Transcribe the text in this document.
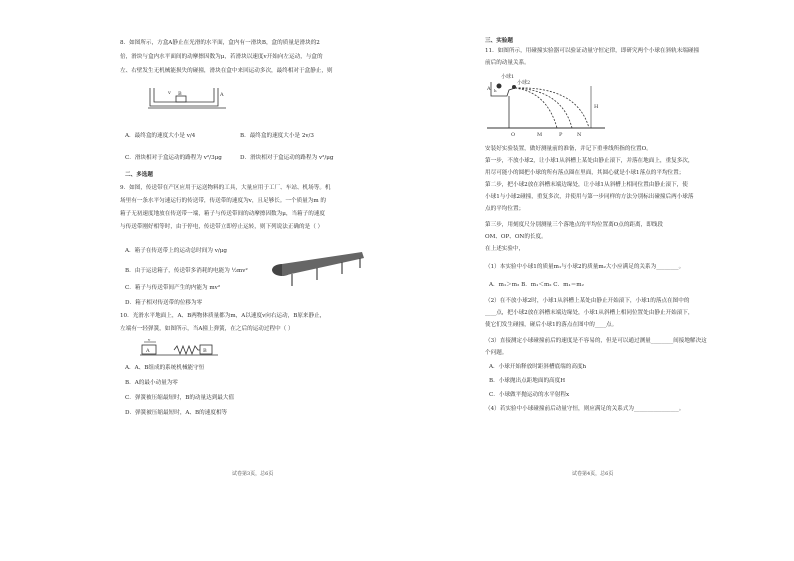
8．如图所示，方盒A静止在光滑的水平面，盒内有一滑块B，盒的质量是滑块的2
倍，滑块与盒内水平面间的动摩擦因数为μ，若滑块以速度v开始向左运动，与盒的
左、右壁发生无机械能损失的碰撞，滑块在盒中来回运动多次，最终相对于盒静止，则
B	A
v
A．最终盒的速度大小是 v/4	B．最终盒的速度大小是 2v/3
C．滑块相对于盒运动的路程为 v²/3μg	D．滑块相对于盒运动的路程为 v²/μg
二、多选题
9．如图，传送带在产区应用于运送物料的工具，大量应用于工厂、车站、机场等。机
场里有一条水平匀速运行的传送带，传送带的速度为v，且足够长。一个质量为m 的
箱子无初速度地放在传送带一端，箱子与传送带间的动摩擦因数为μ，当箱子的速度
与传送带刚好相等时，由于停电，传送带立即停止运转，则下列说法正确的是（ ）
A．箱子在传送带上的运动总时间为 v/μg
B．由于运送箱子，传送带多消耗的电能为 ½mv²
C．箱子与传送带间产生的内能为 mv²
D．箱子相对传送带的位移为零
10．光滑水平地面上，A、B两物体质量都为m，A以速度v向右运动，B原来静止，
左端有一轻弹簧，如图所示，当A撞上弹簧，在之后的运动过程中（ ）
A	B
v
A．A、B组成的系统机械能守恒
B．A的最小动量为零
C．弹簧被压缩最短时，B的动量达到最大值
D．弹簧被压缩最短时，A、B的速度相等
试卷第3页，总6页
三、实验题
11．如图所示，用碰撞实验器可以验证动量守恒定律，即研究两个小球在斜轨末端碰撞
前后的动量关系。
小球1
小球2
A h
H
O	M	P	N
安装好实验装置，做好测量前的准备，并记下重垂线所指的位置O。
第一步，不放小球2，让小球1从斜槽上某处由静止滚下，并落在地面上，重复多次，
用尽可能小的圆把小球的所有落点圈在里面，其圆心就是小球1落点的平均位置；
第二步，把小球2放在斜槽末端边缘处，让小球1从斜槽上相同位置由静止滚下，使
小球1与小球2碰撞，重复多次，并使用与第一步同样的方法分别标出碰撞后两小球落
点的平均位置；
第三步，用刻度尺分别测量三个落地点的平均位置离O点的距离，即线段
OM、OP、ON的长度。
在上述实验中，
（1）本实验中小球1的质量m₁与小球2的质量m₂大小应满足的关系为________。
A．m₁＞m₂ B．m₁＜m₂ C．m₁＝m₂
（2）在不放小球2时，小球1从斜槽上某处由静止开始滚下，小球1的落点在图中的
____点，把小球2放在斜槽末端边缘处，小球1从斜槽上相同位置处由静止开始滚下，
使它们发生碰撞，碰后小球1的落点在图中的____点。
（3）直接测定小球碰撞前后的速度是不容易的，但是可以通过测量________间接地解决这
个问题。
A．小球开始释放时距斜槽底端的高度h
B．小球抛出点距地面的高度H
C．小球做平抛运动的水平射程x
（4）若实验中小球碰撞前后动量守恒，则应满足的关系式为________________。
试卷第4页，总6页
